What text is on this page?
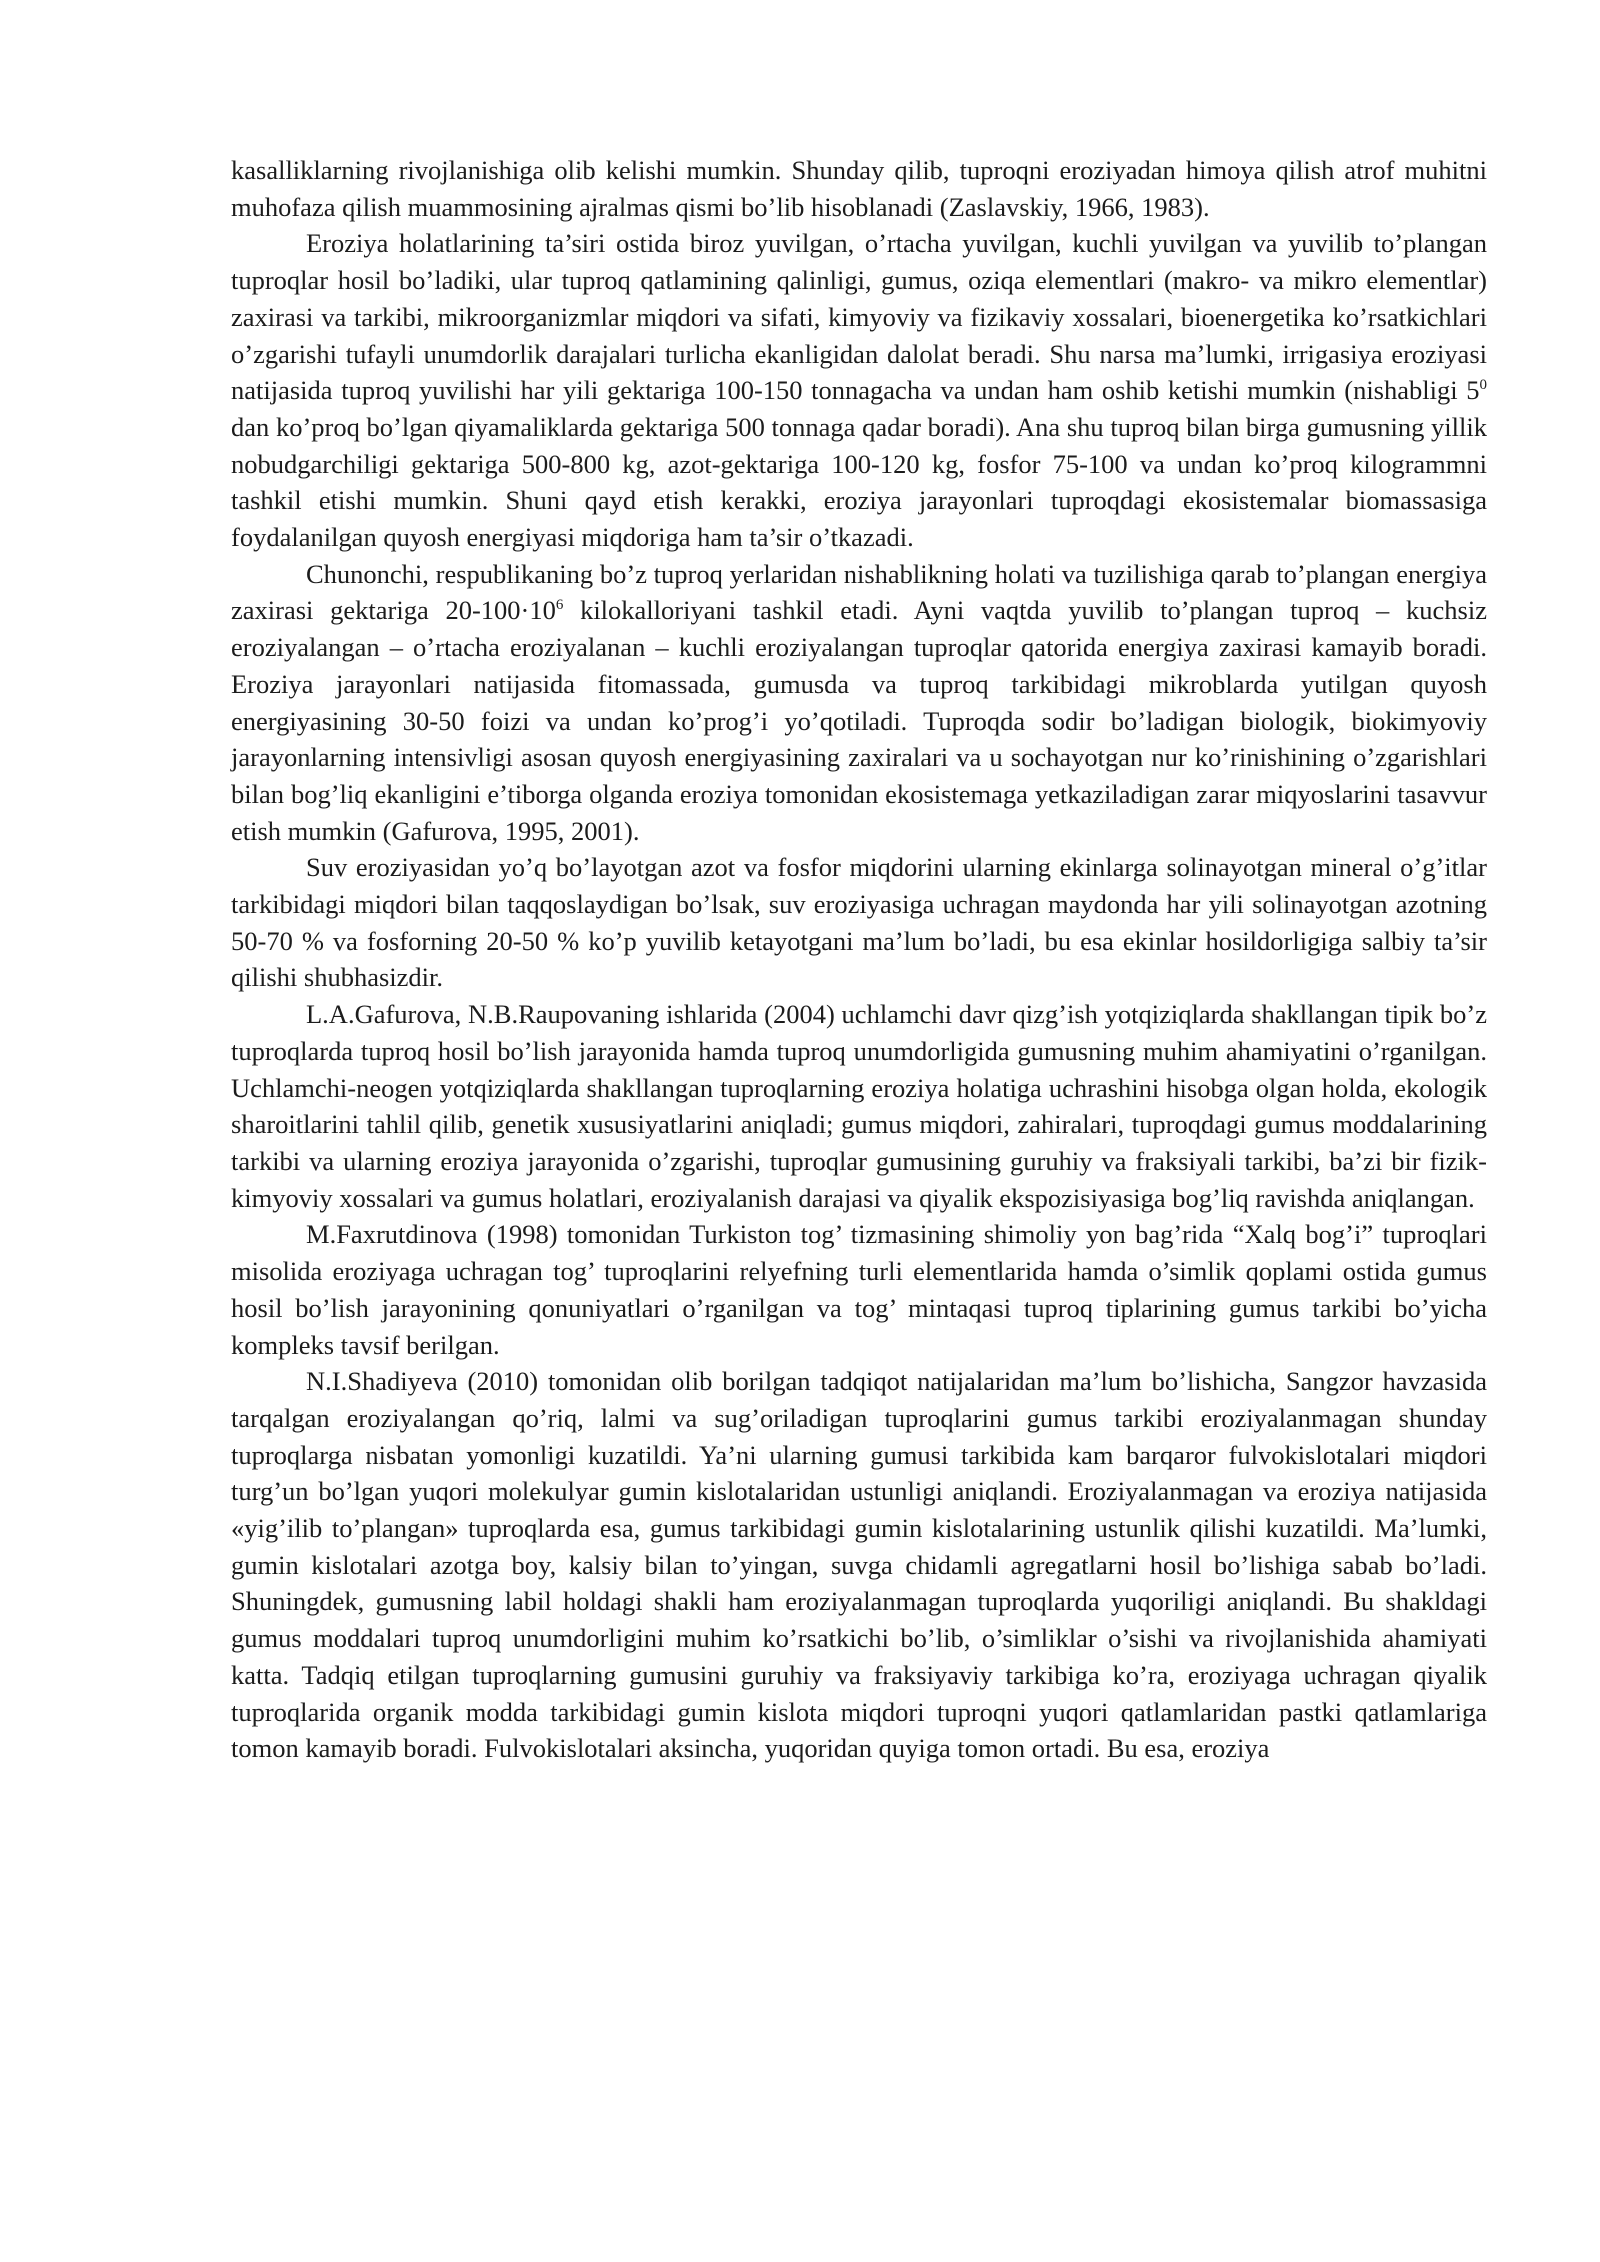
kasalliklarning rivojlanishiga olib kelishi mumkin. Shunday qilib, tuproqni eroziyadan himoya qilish atrof muhitni muhofaza qilish muammosining ajralmas qismi bo’lib hisoblanadi (Zaslavskiy, 1966, 1983).

Eroziya holatlarining ta’siri ostida biroz yuvilgan, o’rtacha yuvilgan, kuchli yuvilgan va yuvilib to’plangan tuproqlar hosil bo’ladiki, ular tuproq qatlamining qalinligi, gumus, oziqa elementlari (makro- va mikro elementlar) zaxirasi va tarkibi, mikroorganizmlar miqdori va sifati, kimyoviy va fizikaviy xossalari, bioenergetika ko’rsatkichlari o’zgarishi tufayli unumdorlik darajalari turlicha ekanligidan dalolat beradi. Shu narsa ma’lumki, irrigasiya eroziyasi natijasida tuproq yuvilishi har yili gektariga 100-150 tonnagacha va undan ham oshib ketishi mumkin (nishabligi $5^0$ dan ko’proq bo’lgan qiyamaliklarda gektariga 500 tonnaga qadar boradi). Ana shu tuproq bilan birga gumusning yillik nobudgarchiligi gektariga 500-800 kg, azot-gektariga 100-120 kg, fosfor 75-100 va undan ko’proq kilogrammni tashkil etishi mumkin. Shuni qayd etish kerakki, eroziya jarayonlari tuproqdagi ekosistemalar biomassasiga foydalanilgan quyosh energiyasi miqdoriga ham ta’sir o’tkazadi.

Chunonchi, respublikaning bo’z tuproq yerlaridan nishablikning holati va tuzilishiga qarab to’plangan energiya zaxirasi gektariga $20-100\cdot 10^6$ kilokalloriyani tashkil etadi. Ayni vaqtda yuvilib to’plangan tuproq – kuchsiz eroziyalangan – o’rtacha eroziyalanan – kuchli eroziyalangan tuproqlar qatorida energiya zaxirasi kamayib boradi. Eroziya jarayonlari natijasida fitomassada, gumusda va tuproq tarkibidagi mikroblarda yutilgan quyosh energiyasining 30-50 foizi va undan ko’prog’i yo’qotiladi. Tuproqda sodir bo’ladigan biologik, biokimyoviy jarayonlarning intensivligi asosan quyosh energiyasining zaxiralari va u sochayotgan nur ko’rinishining o’zgarishlari bilan bog’liq ekanligini e’tiborga olganda eroziya tomonidan ekosistemaga yetkaziladigan zarar miqyoslarini tasavvur etish mumkin (Gafurova, 1995, 2001).

Suv eroziyasidan yo’q bo’layotgan azot va fosfor miqdorini ularning ekinlarga solinayotgan mineral o’g’itlar tarkibidagi miqdori bilan taqqoslaydigan bo’lsak, suv eroziyasiga uchragan maydonda har yili solinayotgan azotning 50-70 % va fosforning 20-50 % ko’p yuvilib ketayotgani ma’lum bo’ladi, bu esa ekinlar hosildorligiga salbiy ta’sir qilishi shubhasizdir.

L.A.Gafurova, N.B.Raupovaning ishlarida (2004) uchlamchi davr qizg’ish yotqiziqlarda shakllangan tipik bo’z tuproqlarda tuproq hosil bo’lish jarayonida hamda tuproq unumdorligida gumusning muhim ahamiyatini o’rganilgan. Uchlamchi-neogen yotqiziqlarda shakllangan tuproqlarning eroziya holatiga uchrashini hisobga olgan holda, ekologik sharoitlarini tahlil qilib, genetik xususiyatlarini aniqladi; gumus miqdori, zahiralari, tuproqdagi gumus moddalarining tarkibi va ularning eroziya jarayonida o’zgarishi, tuproqlar gumusining guruhiy va fraksiyali tarkibi, ba’zi bir fizik-kimyoviy xossalari va gumus holatlari, eroziyalanish darajasi va qiyalik ekspozisiyasiga bog’liq ravishda aniqlangan.

M.Faxrutdinova (1998) tomonidan Turkiston tog’ tizmasining shimoliy yon bag’rida “Xalq bog’i” tuproqlari misolida eroziyaga uchragan tog’ tuproqlarini relyefning turli elementlarida hamda o’simlik qoplami ostida gumus hosil bo’lish jarayonining qonuniyatlari o’rganilgan va tog’ mintaqasi tuproq tiplarining gumus tarkibi bo’yicha kompleks tavsif berilgan.

N.I.Shadiyeva (2010) tomonidan olib borilgan tadqiqot natijalaridan ma’lum bo’lishicha, Sangzor havzasida tarqalgan eroziyalangan qo’riq, lalmi va sug’oriladigan tuproqlarini gumus tarkibi eroziyalanmagan shunday tuproqlarga nisbatan yomonligi kuzatildi. Ya’ni ularning gumusi tarkibida kam barqaror fulvokislotalari miqdori turg’un bo’lgan yuqori molekulyar gumin kislotalaridan ustunligi aniqlandi. Eroziyalanmagan va eroziya natijasida «yig’ilib to’plangan» tuproqlarda esa, gumus tarkibidagi gumin kislotalarining ustunlik qilishi kuzatildi. Ma’lumki, gumin kislotalari azotga boy, kalsiy bilan to’yingan, suvga chidamli agregatlarni hosil bo’lishiga sabab bo’ladi. Shuningdek, gumusning labil holdagi shakli ham eroziyalanmagan tuproqlarda yuqoriligi aniqlandi. Bu shakldagi gumus moddalari tuproq unumdorligini muhim ko’rsatkichi bo’lib, o’simliklar o’sishi va rivojlanishida ahamiyati katta. Tadqiq etilgan tuproqlarning gumusini guruhiy va fraksiyaviy tarkibiga ko’ra, eroziyaga uchragan qiyalik tuproqlarida organik modda tarkibidagi gumin kislota miqdori tuproqni yuqori qatlamlaridan pastki qatlamlariga tomon kamayib boradi. Fulvokislotalari aksincha, yuqoridan quyiga tomon ortadi. Bu esa, eroziya
